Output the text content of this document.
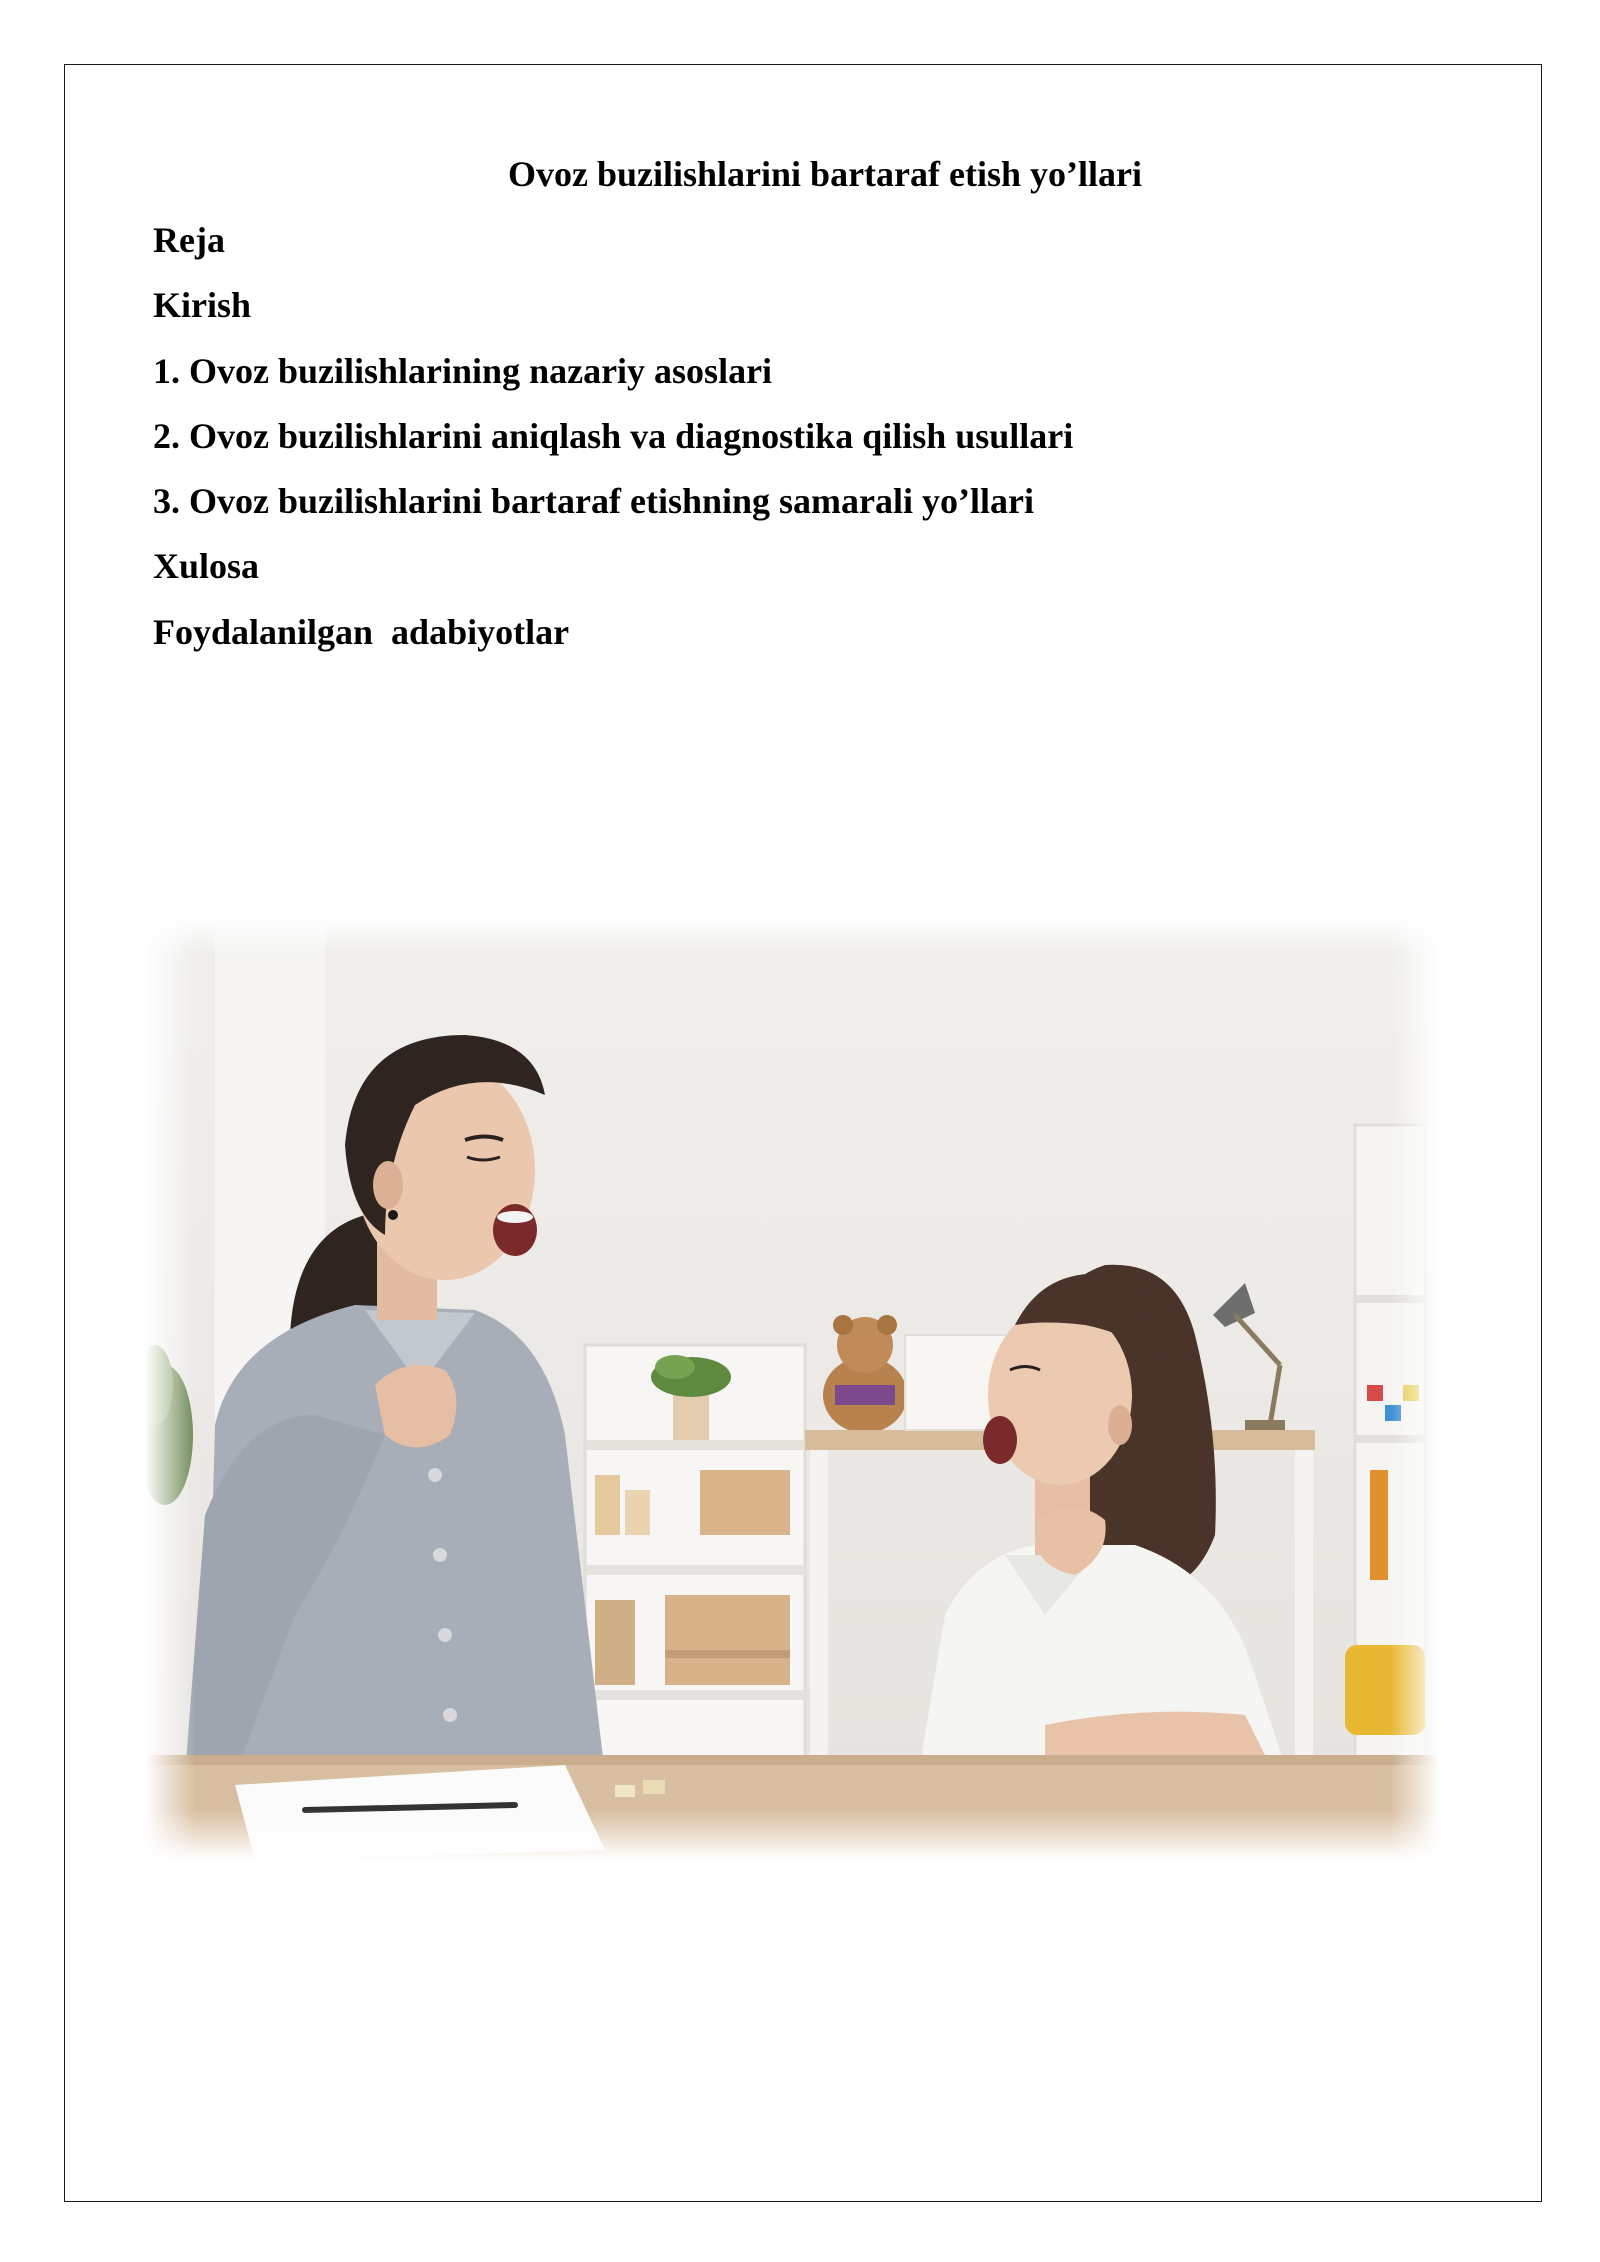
Ovoz buzilishlarini bartaraf etish yo’llari
Reja
Kirish
1. Ovoz buzilishlarining nazariy asoslari
2. Ovoz buzilishlarini aniqlash va diagnostika qilish usullari
3. Ovoz buzilishlarini bartaraf etishning samarali yo’llari
Xulosa
Foydalanilgan  adabiyotlar
